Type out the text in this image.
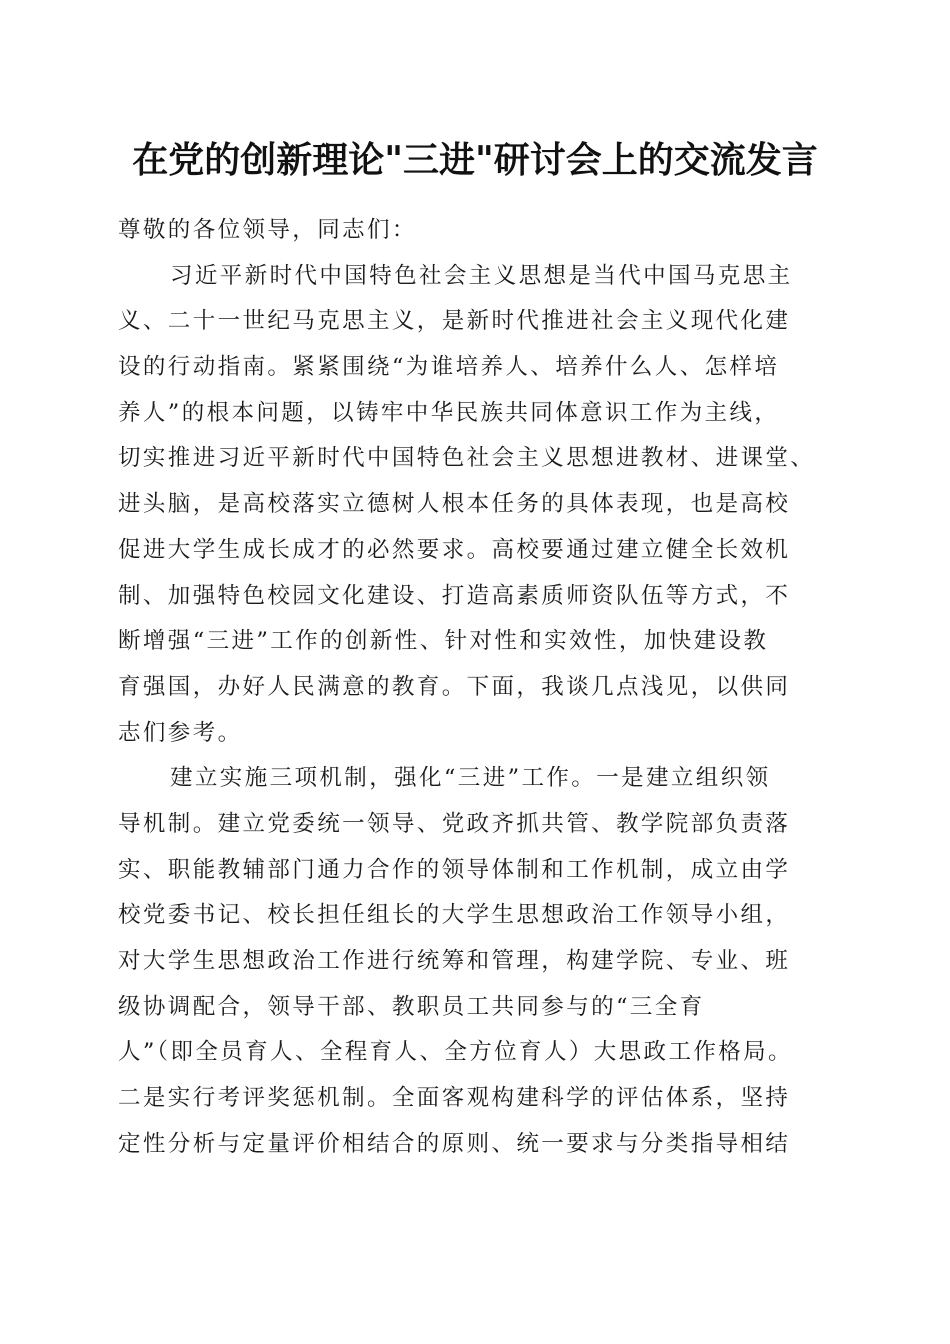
在党的创新理论"三进"研讨会上的交流发言

尊敬的各位领导，同志们：

习近平新时代中国特色社会主义思想是当代中国马克思主
义、二十一世纪马克思主义，是新时代推进社会主义现代化建
设的行动指南。紧紧围绕“为谁培养人、培养什么人、怎样培
养人”的根本问题，以铸牢中华民族共同体意识工作为主线，
切实推进习近平新时代中国特色社会主义思想进教材、进课堂、
进头脑，是高校落实立德树人根本任务的具体表现，也是高校
促进大学生成长成才的必然要求。高校要通过建立健全长效机
制、加强特色校园文化建设、打造高素质师资队伍等方式，不
断增强“三进”工作的创新性、针对性和实效性，加快建设教
育强国，办好人民满意的教育。下面，我谈几点浅见，以供同
志们参考。

建立实施三项机制，强化“三进”工作。一是建立组织领
导机制。建立党委统一领导、党政齐抓共管、教学院部负责落
实、职能教辅部门通力合作的领导体制和工作机制，成立由学
校党委书记、校长担任组长的大学生思想政治工作领导小组，
对大学生思想政治工作进行统筹和管理，构建学院、专业、班
级协调配合，领导干部、教职员工共同参与的“三全育
人”（即全员育人、全程育人、全方位育人）大思政工作格局。
二是实行考评奖惩机制。全面客观构建科学的评估体系，坚持
定性分析与定量评价相结合的原则、统一要求与分类指导相结
